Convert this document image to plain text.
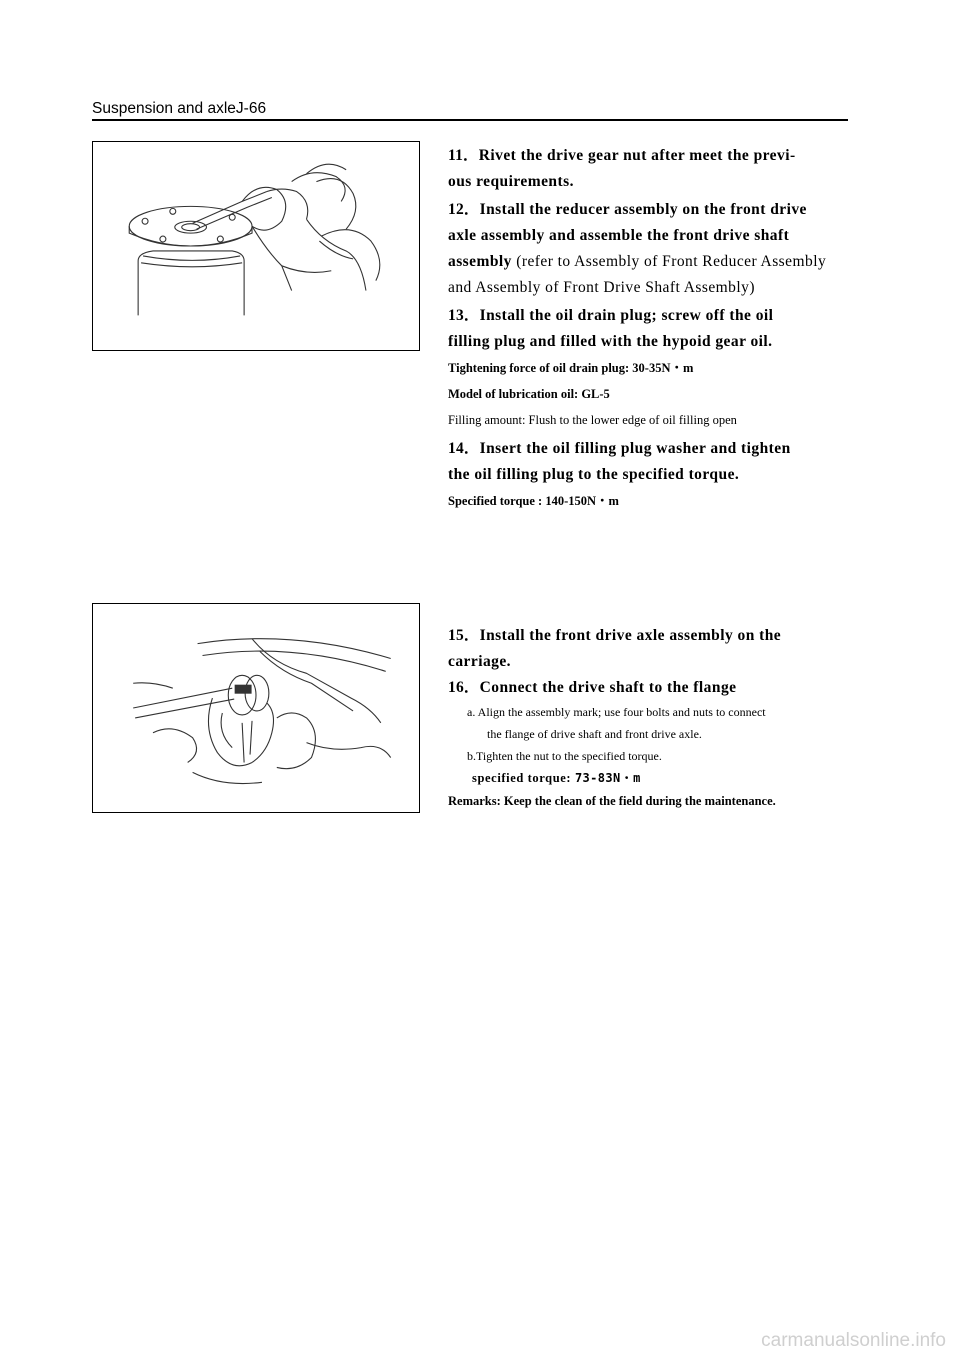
Suspension and axleJ-66

11．Rivet the drive gear nut after meet the previ-

ous requirements.

12．Install the reducer assembly on the front drive

axle assembly and assemble the front drive shaft

assembly (refer to Assembly of Front Reducer Assembly

and Assembly of Front Drive Shaft Assembly)

13．Install the oil drain plug; screw off the oil

filling plug and filled with the hypoid gear oil.

Tightening force of oil drain plug: 30-35N・m

Model of lubrication oil: GL-5

Filling amount: Flush to the lower edge of oil filling open

14．Insert the oil filling plug washer and tighten

the oil filling plug to the specified torque.

Specified torque : 140-150N・m

15．Install the front drive axle assembly on the

carriage.

16．Connect the drive shaft to the flange

a. Align the assembly mark; use four bolts and nuts to connect

the flange of drive shaft and front drive axle.

b.Tighten the nut to the specified torque.

specified torque: 73-83N・m

Remarks: Keep the clean of the field during the maintenance.

carmanualsonline.info
